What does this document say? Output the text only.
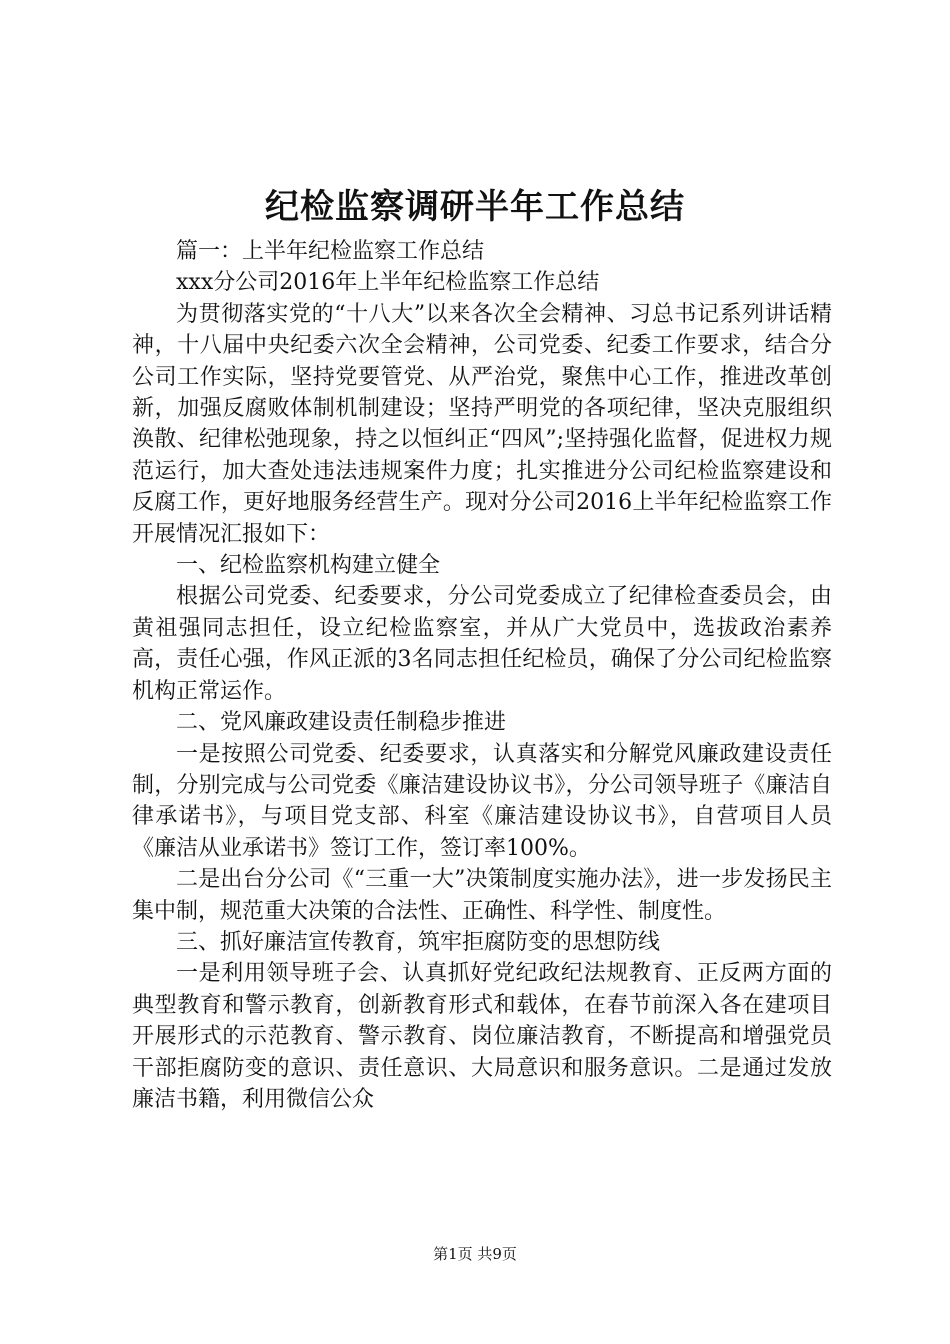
纪检监察调研半年工作总结

篇一：上半年纪检监察工作总结

xxx分公司2016年上半年纪检监察工作总结

为贯彻落实党的“十八大”以来各次全会精神、习总书记系列讲话精神，十八届中央纪委六次全会精神，公司党委、纪委工作要求，结合分公司工作实际，坚持党要管党、从严治党，聚焦中心工作，推进改革创新，加强反腐败体制机制建设；坚持严明党的各项纪律，坚决克服组织涣散、纪律松弛现象，持之以恒纠正“四风”;坚持强化监督，促进权力规范运行，加大查处违法违规案件力度；扎实推进分公司纪检监察建设和反腐工作，更好地服务经营生产。现对分公司2016上半年纪检监察工作开展情况汇报如下：

一、纪检监察机构建立健全

根据公司党委、纪委要求，分公司党委成立了纪律检查委员会，由黄祖强同志担任，设立纪检监察室，并从广大党员中，选拔政治素养高，责任心强，作风正派的3名同志担任纪检员，确保了分公司纪检监察机构正常运作。

二、党风廉政建设责任制稳步推进

一是按照公司党委、纪委要求，认真落实和分解党风廉政建设责任制，分别完成与公司党委《廉洁建设协议书》，分公司领导班子《廉洁自律承诺书》，与项目党支部、科室《廉洁建设协议书》，自营项目人员《廉洁从业承诺书》签订工作，签订率100%。

二是出台分公司《“三重一大”决策制度实施办法》，进一步发扬民主集中制，规范重大决策的合法性、正确性、科学性、制度性。

三、抓好廉洁宣传教育，筑牢拒腐防变的思想防线

一是利用领导班子会、认真抓好党纪政纪法规教育、正反两方面的典型教育和警示教育，创新教育形式和载体，在春节前深入各在建项目开展形式的示范教育、警示教育、岗位廉洁教育，不断提高和增强党员干部拒腐防变的意识、责任意识、大局意识和服务意识。二是通过发放廉洁书籍，利用微信公众

第1页 共9页
